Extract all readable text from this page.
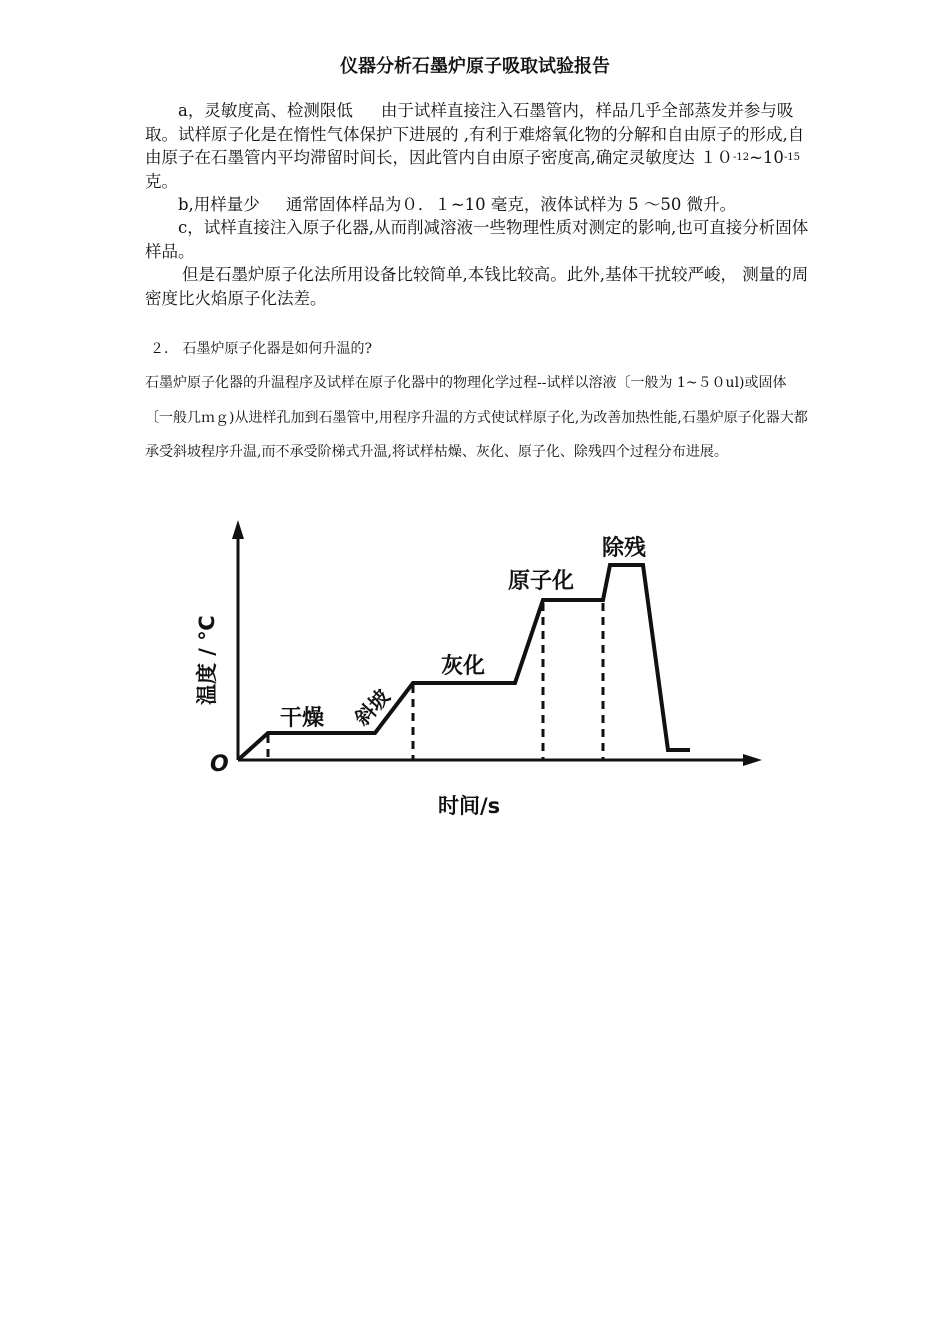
仪器分析石墨炉原子吸取试验报告

a，灵敏度高、检测限低 由于试样直接注入石墨管内，样品几乎全部蒸发并参与吸取。试样原子化是在惰性气体保护下进展的 ,有利于难熔氧化物的分解和自由原子的形成,自由原子在石墨管内平均滞留时间长，因此管内自由原子密度高,确定灵敏度达 $10^{-12}\sim 10^{-15}$克。

b,用样量少 通常固体样品为０．１~10 毫克，液体试样为 5 ～50 微升。

c，试样直接注入原子化器,从而削减溶液一些物理性质对测定的影响,也可直接分析固体样品。

但是石墨炉原子化法所用设备比较简单,本钱比较高。此外,基体干扰较严峻， 测量的周密度比火焰原子化法差。

２． 石墨炉原子化器是如何升温的?

石墨炉原子化器的升温程序及试样在原子化器中的物理化学过程--试样以溶液〔一般为 1~５０ul)或固体〔一般几ｍｇ)从进样孔加到石墨管中,用程序升温的方式使试样原子化,为改善加热性能,石墨炉原子化器大都承受斜坡程序升温,而不承受阶梯式升温,将试样枯燥、灰化、原子化、除残四个过程分布进展。

O
温度 / ℃
时间/s
干燥 斜坡
灰化
原子化
除残
